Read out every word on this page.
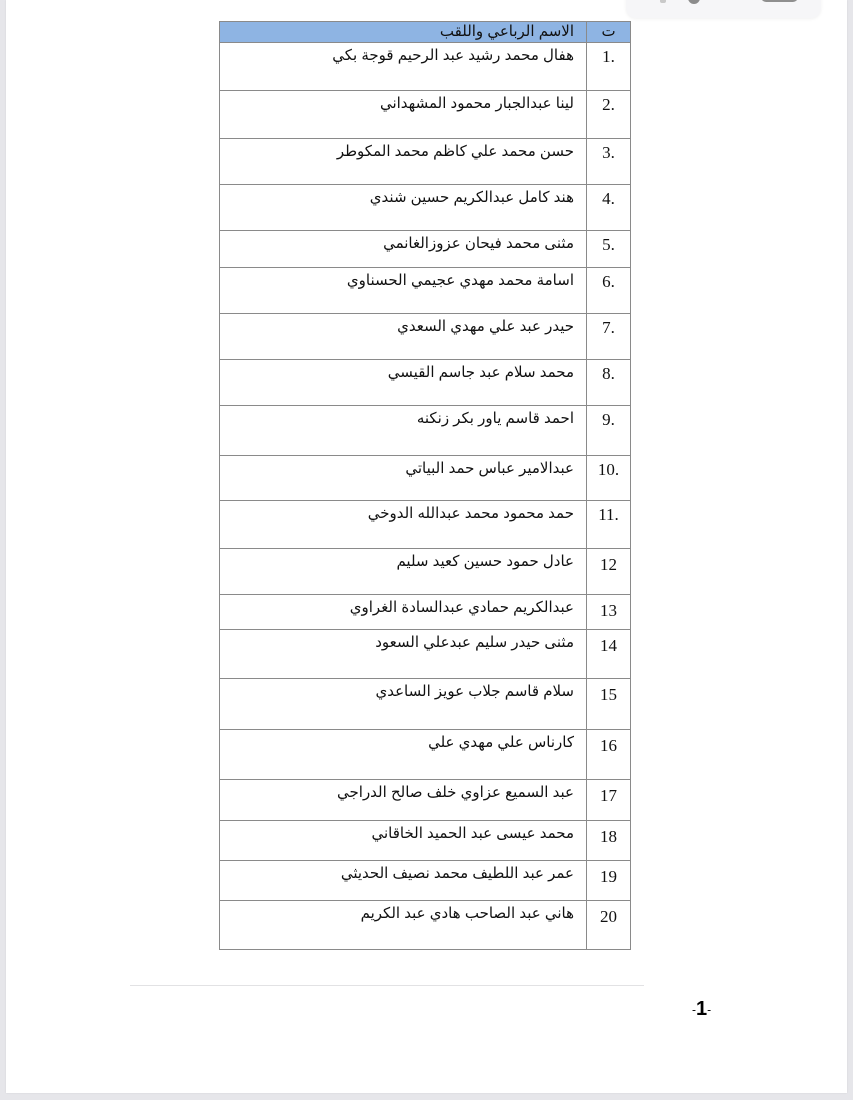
ت	الاسم الرباعي واللقب
1.	هفال محمد رشيد عبد الرحيم قوجة بكي
2.	لينا عبدالجبار محمود المشهداني
3.	حسن محمد علي كاظم محمد المكوطر
4.	هند كامل عبدالكريم حسين شندي
5.	مثنى محمد فيحان عزوزالغانمي
6.	اسامة محمد مهدي عجيمي الحسناوي
7.	حيدر عبد علي مهدي السعدي
8.	محمد سلام عبد جاسم القيسي
9.	احمد قاسم ياور بكر زنكنه
10.	عبدالامير عباس حمد البياتي
11.	حمد محمود محمد عبدالله الدوخي
12	عادل حمود حسين كعيد سليم
13	عبدالكريم حمادي عبدالسادة الغراوي
14	مثنى حيدر سليم عبدعلي السعود
15	سلام قاسم جلاب عويز الساعدي
16	كارناس علي مهدي علي
17	عبد السميع عزاوي خلف صالح الدراجي
18	محمد عيسى عبد الحميد الخاقاني
19	عمر عبد اللطيف محمد نصيف الحديثي
20	هاني عبد الصاحب هادي عبد الكريم
-1-
